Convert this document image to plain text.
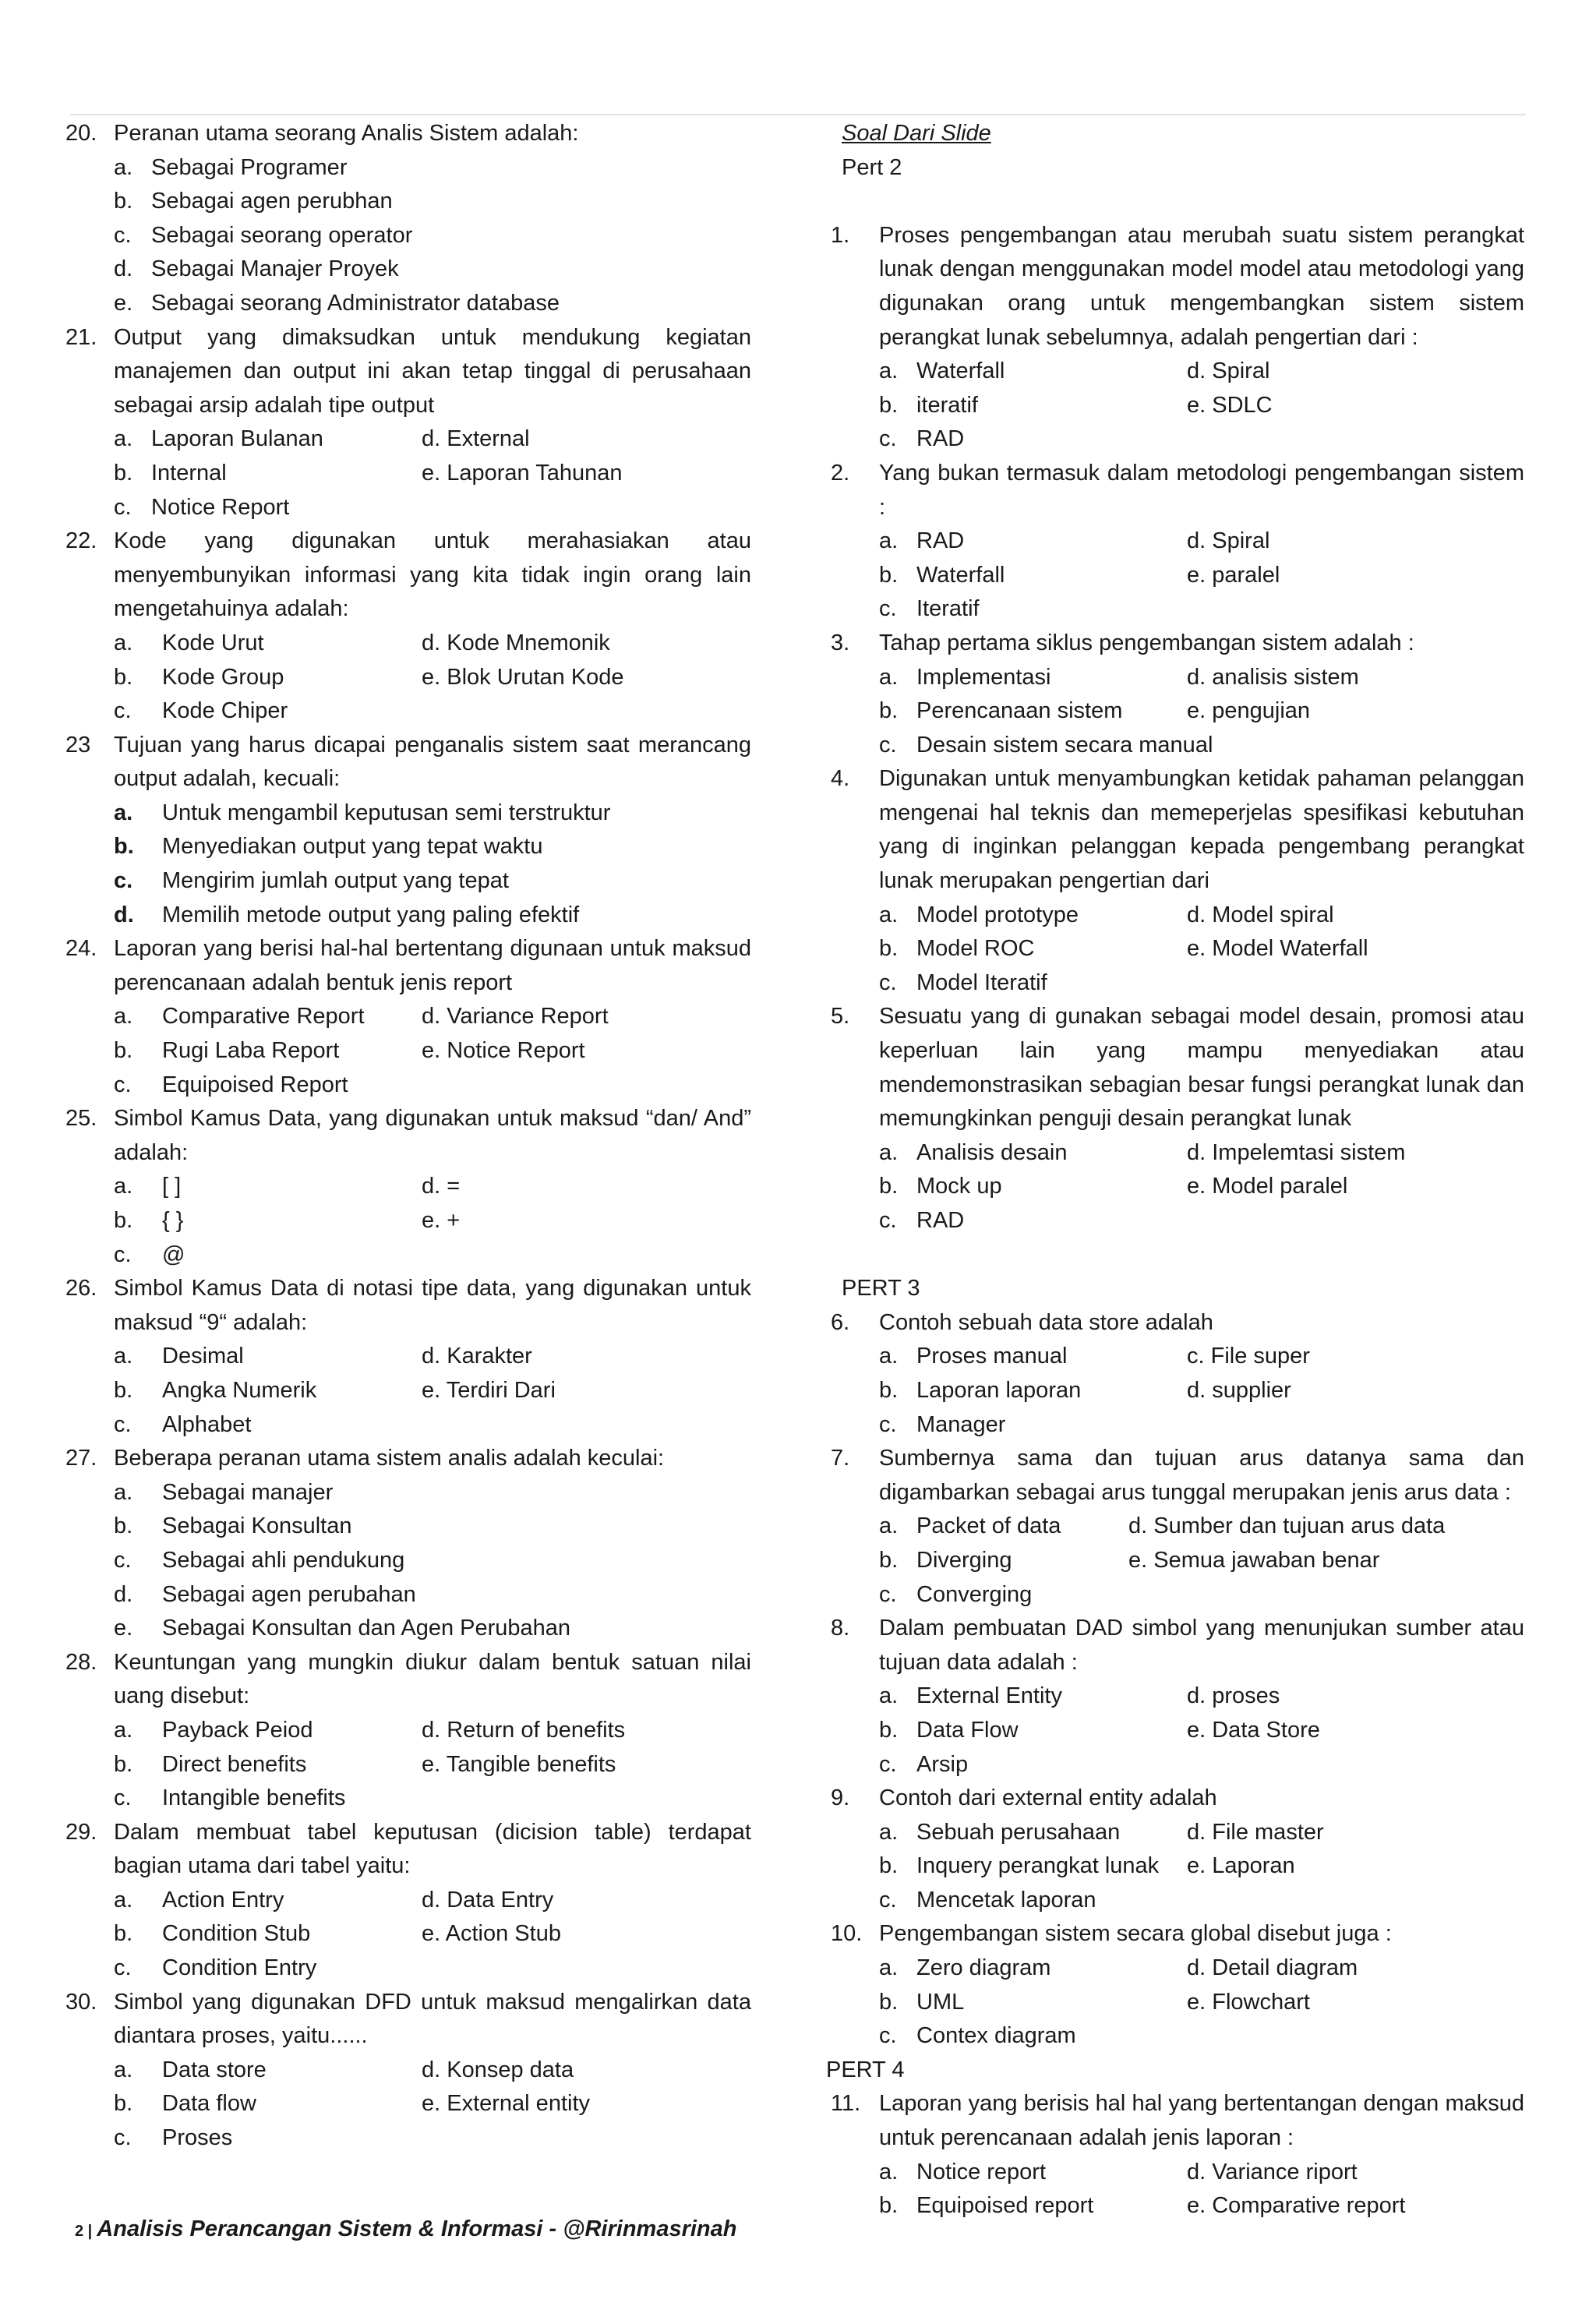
20. Peranan utama seorang Analis Sistem adalah:
a. Sebagai Programer
b. Sebagai agen perubhan
c. Sebagai seorang operator
d. Sebagai Manajer Proyek
e. Sebagai seorang Administrator database
21. Output yang dimaksudkan untuk mendukung kegiatan manajemen dan output ini akan tetap tinggal di perusahaan sebagai arsip adalah tipe output
a. Laporan Bulanan	d. External
b. Internal	e. Laporan Tahunan
c. Notice Report
22. Kode yang digunakan untuk merahasiakan atau menyembunyikan informasi yang kita tidak ingin orang lain mengetahuinya adalah:
a.	Kode Urut	d. Kode Mnemonik
b.	Kode Group	e. Blok Urutan Kode
c.	Kode Chiper
23 Tujuan yang harus dicapai penganalis sistem saat merancang output adalah, kecuali:
a.	Untuk mengambil keputusan semi terstruktur
b.	Menyediakan output yang tepat waktu
c.	Mengirim jumlah output yang tepat
d.	Memilih metode output yang paling efektif
24. Laporan yang berisi hal-hal bertentang digunaan untuk maksud perencanaan adalah bentuk jenis report
a.	Comparative Report	d. Variance Report
b.	Rugi Laba Report	e. Notice Report
c.	Equipoised Report
25. Simbol Kamus Data, yang digunakan untuk maksud “dan/ And” adalah:
a.	[ ]	d. =
b.	{ }	e. +
c.	@
26. Simbol Kamus Data di notasi tipe data, yang digunakan untuk maksud “9“ adalah:
a.	Desimal	d. Karakter
b.	Angka Numerik	e. Terdiri Dari
c.	Alphabet
27. Beberapa peranan utama sistem analis adalah keculai:
a.	Sebagai manajer
b.	Sebagai Konsultan
c.	Sebagai ahli pendukung
d.	Sebagai agen perubahan
e.	Sebagai Konsultan dan Agen Perubahan
28. Keuntungan yang mungkin diukur dalam bentuk satuan nilai uang disebut:
a.	Payback Peiod	d. Return of benefits
b.	Direct benefits	e. Tangible benefits
c.	Intangible benefits
29. Dalam membuat tabel keputusan (dicision table) terdapat bagian utama dari tabel yaitu:
a.	Action Entry	d. Data Entry
b.	Condition Stub	e. Action Stub
c.	Condition Entry
30. Simbol yang digunakan DFD untuk maksud mengalirkan data diantara proses, yaitu......
a.	Data store	d. Konsep data
b.	Data flow	e. External entity
c.	Proses
Soal Dari Slide
Pert 2
1. Proses pengembangan atau merubah suatu sistem perangkat lunak dengan menggunakan model model atau metodologi yang digunakan orang untuk mengembangkan sistem sistem perangkat lunak sebelumnya, adalah pengertian dari :
a. Waterfall	d. Spiral
b. iteratif	e. SDLC
c. RAD
2. Yang bukan termasuk dalam metodologi pengembangan sistem :
a. RAD	d. Spiral
b. Waterfall	e. paralel
c. Iteratif
3. Tahap pertama siklus pengembangan sistem adalah :
a. Implementasi	d. analisis sistem
b. Perencanaan sistem	e. pengujian
c. Desain sistem secara manual
4. Digunakan untuk menyambungkan ketidak pahaman pelanggan mengenai hal teknis dan memeperjelas spesifikasi kebutuhan yang di inginkan pelanggan kepada pengembang perangkat lunak merupakan pengertian dari
a. Model prototype	d. Model spiral
b. Model ROC	e. Model Waterfall
c. Model Iteratif
5. Sesuatu yang di gunakan sebagai model desain, promosi atau keperluan lain yang mampu menyediakan atau mendemonstrasikan sebagian besar fungsi perangkat lunak dan memungkinkan penguji desain perangkat lunak
a. Analisis desain	d. Impelemtasi sistem
b. Mock up	e. Model paralel
c. RAD
PERT 3
6. Contoh sebuah data store adalah
a. Proses manual	c. File super
b. Laporan laporan	d. supplier
c. Manager
7. Sumbernya sama dan tujuan arus datanya sama dan digambarkan sebagai arus tunggal merupakan jenis arus data :
a. Packet of data	d. Sumber dan tujuan arus data
b. Diverging	e. Semua jawaban benar
c. Converging
8. Dalam pembuatan DAD simbol yang menunjukan sumber atau tujuan data adalah :
a. External Entity	d. proses
b. Data Flow	e. Data Store
c. Arsip
9. Contoh dari external entity adalah
a. Sebuah perusahaan	d. File master
b. Inquery perangkat lunak e. Laporan
c. Mencetak laporan
10. Pengembangan sistem secara global disebut juga :
a. Zero diagram	d. Detail diagram
b. UML	e. Flowchart
c. Contex diagram
PERT 4
11. Laporan yang berisis hal hal yang bertentangan dengan maksud untuk perencanaan adalah jenis laporan :
a. Notice report	d. Variance riport
b. Equipoised report	e. Comparative report
2 | Analisis Perancangan Sistem & Informasi - @Ririnmasrinah
